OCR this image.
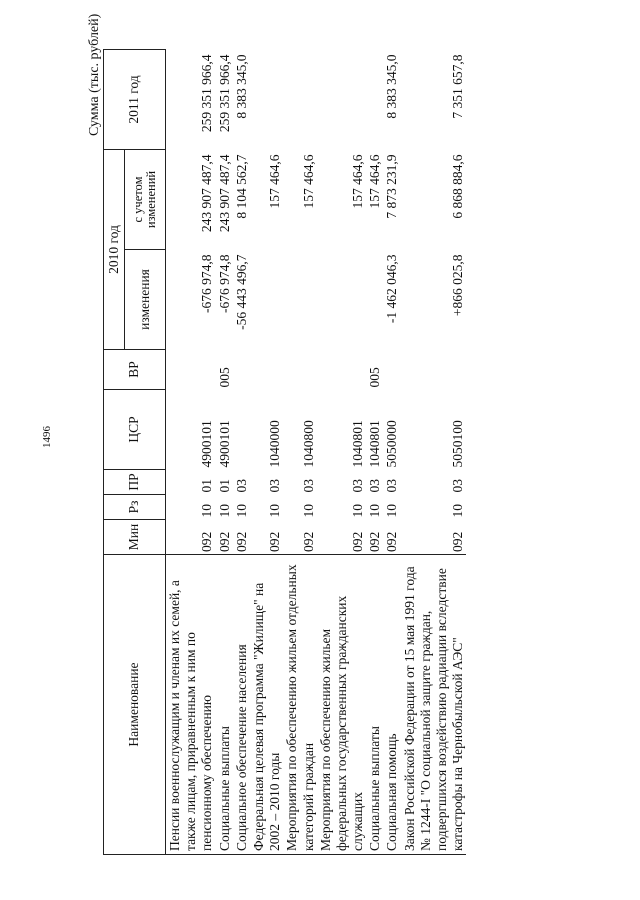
1496
Сумма (тыс. рублей)
Наименование	Мин	Рз	ПР	ЦСР	ВР	2010 год		2011 год
						изменения	с учетом изменений	
Пенсии военнослужащим и членам их семей, а также лицам, приравненным к ним по пенсионному обеспечению	092	10	01	4900101		-676 974,8	243 907 487,4	259 351 966,4
Социальные выплаты	092	10	01	4900101	005	-676 974,8	243 907 487,4	259 351 966,4
Социальное обеспечение населения	092	10	03			-56 443 496,7	8 104 562,7	8 383 345,0
Федеральная целевая программа "Жилище" на 2002 – 2010 годы	092	10	03	1040000			157 464,6	
Мероприятия по обеспечению жильем отдельных категорий граждан	092	10	03	1040800			157 464,6	
Мероприятия по обеспечению жильем федеральных государственных гражданских служащих	092	10	03	1040801			157 464,6	
Социальные выплаты	092	10	03	1040801	005		157 464,6	
Социальная помощь	092	10	03	5050000		-1 462 046,3	7 873 231,9	8 383 345,0
Закон Российской Федерации от 15 мая 1991 года № 1244-I "О социальной защите граждан, подвергшихся воздействию радиации вследствие катастрофы на Чернобыльской АЭС"	092	10	03	5050100		+866 025,8	6 868 884,6	7 351 657,8
